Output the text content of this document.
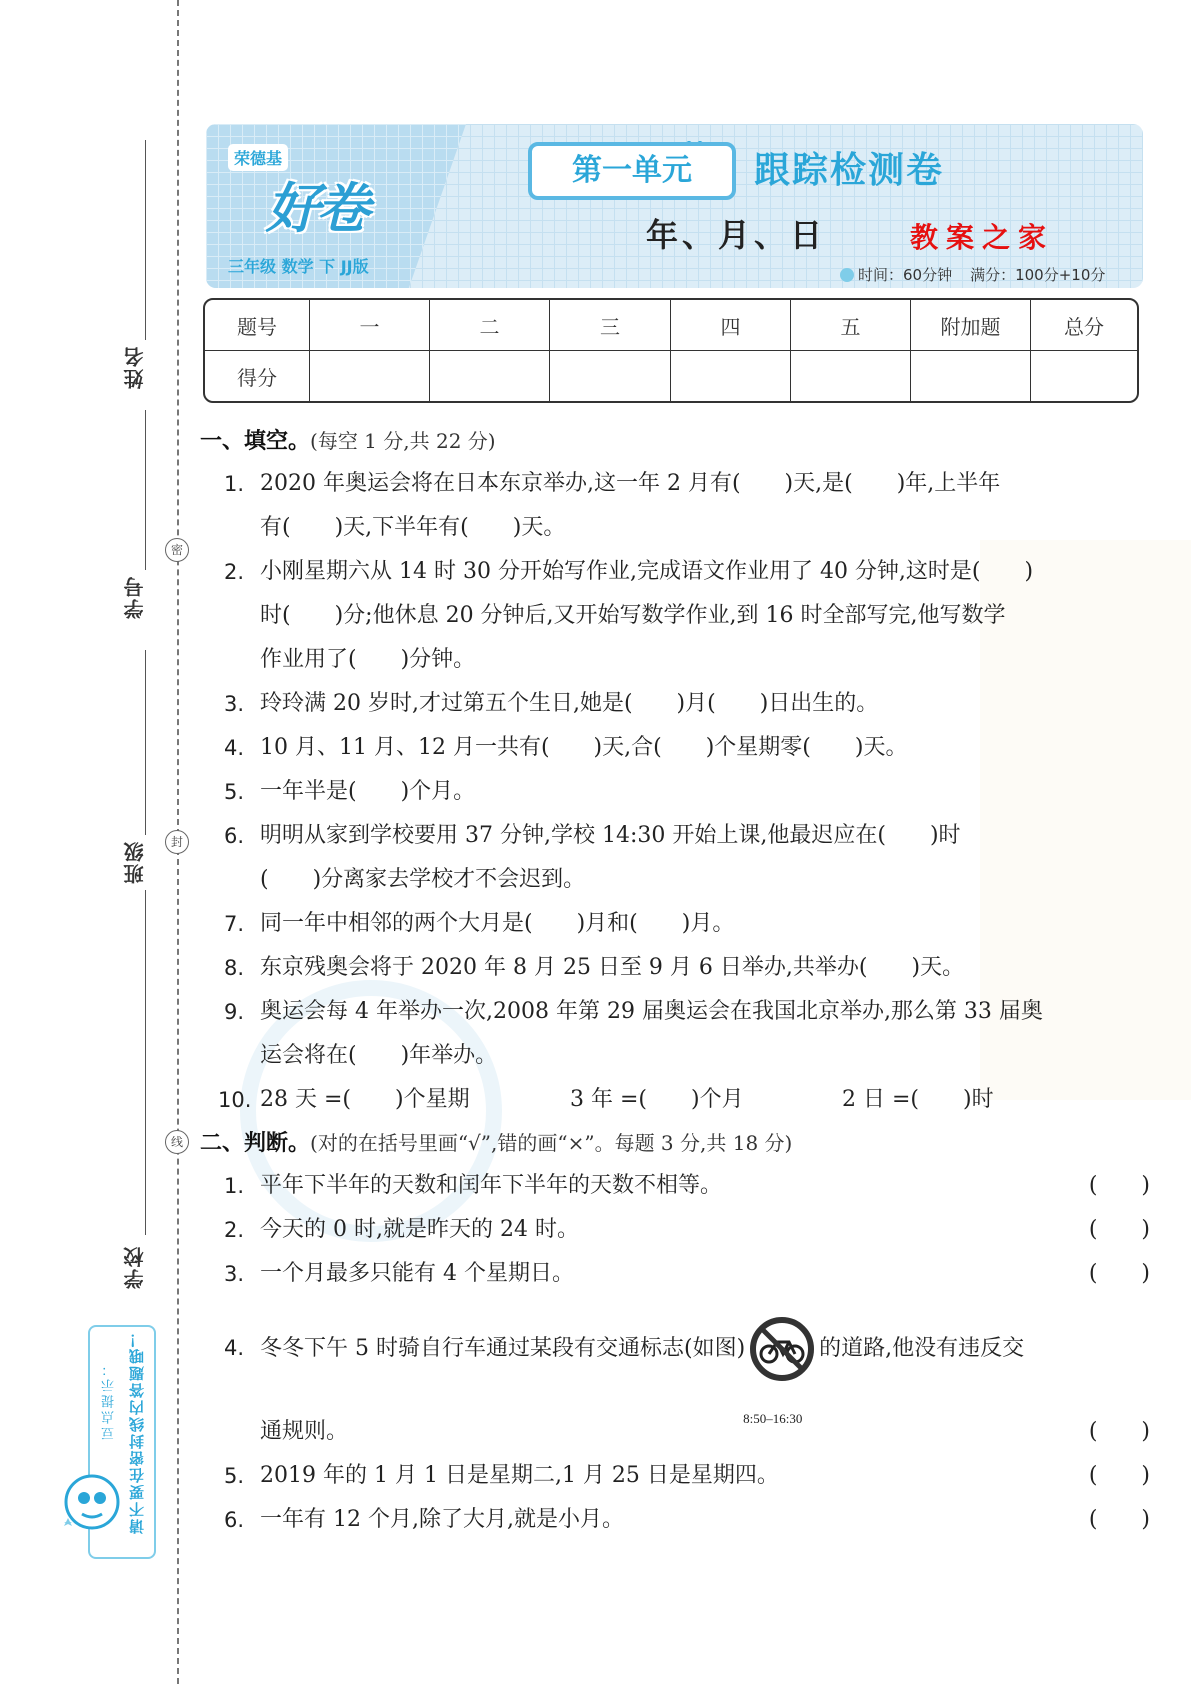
密
封
线
姓名
学号
班级
学校
豆点提示： 请不要在密封线内答题哦！
荣德基
好卷
三年级 数学 下 JJ版
第一单元	跟踪检测卷
年、月、日	教案之家
时间：60分钟 满分：100分+10分
题号	一	二	三	四	五	附加题	总分
得分							
一、填空。(每空 1 分,共 22 分)
1. 2020 年奥运会将在日本东京举办,这一年 2 月有(　　)天,是(　　)年,上半年
有(　　)天,下半年有(　　)天。
2. 小刚星期六从 14 时 30 分开始写作业,完成语文作业用了 40 分钟,这时是(　　)
时(　　)分;他休息 20 分钟后,又开始写数学作业,到 16 时全部写完,他写数学
作业用了(　　)分钟。
3. 玲玲满 20 岁时,才过第五个生日,她是(　　)月(　　)日出生的。
4. 10 月、11 月、12 月一共有(　　)天,合(　　)个星期零(　　)天。
5. 一年半是(　　)个月。
6. 明明从家到学校要用 37 分钟,学校 14:30 开始上课,他最迟应在(　　)时
(　　)分离家去学校才不会迟到。
7. 同一年中相邻的两个大月是(　　)月和(　　)月。
8. 东京残奥会将于 2020 年 8 月 25 日至 9 月 6 日举办,共举办(　　)天。
9. 奥运会每 4 年举办一次,2008 年第 29 届奥运会在我国北京举办,那么第 33 届奥
运会将在(　　)年举办。
10. 28 天 =(　　)个星期	3 年 =(　　)个月	2 日 =(　　)时
二、判断。(对的在括号里画“√”,错的画“×”。每题 3 分,共 18 分)
1. 平年下半年的天数和闰年下半年的天数不相等。	(　　)
2. 今天的 0 时,就是昨天的 24 时。	(　　)
3. 一个月最多只能有 4 个星期日。	(　　)
4. 冬冬下午 5 时骑自行车通过某段有交通标志(如图)
8:50–16:30
的道路,他没有违反交
通规则。	(　　)
5. 2019 年的 1 月 1 日是星期二,1 月 25 日是星期四。	(　　)
6. 一年有 12 个月,除了大月,就是小月。	(　　)
